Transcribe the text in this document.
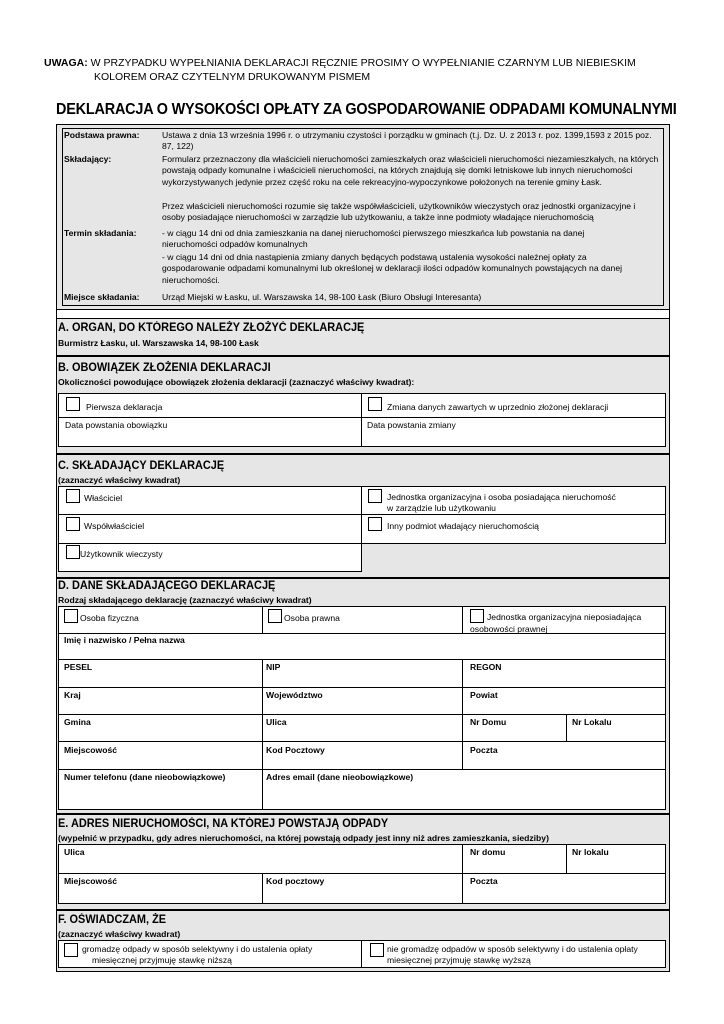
UWAGA: W PRZYPADKU WYPEŁNIANIA DEKLARACJI RĘCZNIE PROSIMY O WYPEŁNIANIE CZARNYM LUB NIEBIESKIM
KOLOREM ORAZ CZYTELNYM DRUKOWANYM PISMEM
DEKLARACJA O WYSOKOŚCI OPŁATY ZA GOSPODAROWANIE ODPADAMI KOMUNALNYMI
Podstawa prawna:	Ustawa z dnia 13 września 1996 r. o utrzymaniu czystości i porządku w gminach (t.j. Dz. U. z 2013 r. poz. 1399,1593 z 2015 poz. 87, 122)
Składający:	Formularz przeznaczony dla właścicieli nieruchomości zamieszkałych oraz właścicieli nieruchomości niezamieszkałych, na których powstają odpady komunalne i właścicieli nieruchomości, na których znajdują się domki letniskowe lub innych nieruchomości wykorzystywanych jedynie przez część roku na cele rekreacyjno-wypoczynkowe położonych na terenie gminy Łask.
Przez właścicieli nieruchomości rozumie się także współwłaścicieli, użytkowników wieczystych oraz jednostki organizacyjne i osoby posiadające nieruchomości w zarządzie lub użytkowaniu, a także inne podmioty władające nieruchomością
Termin składania:	- w ciągu 14 dni od dnia zamieszkania na danej nieruchomości pierwszego mieszkańca lub powstania na danej nieruchomości odpadów komunalnych
- w ciągu 14 dni od dnia nastąpienia zmiany danych będących podstawą ustalenia wysokości należnej opłaty za gospodarowanie odpadami komunalnymi lub określonej w deklaracji ilości odpadów komunalnych powstających na danej nieruchomości.
Miejsce składania:	Urząd Miejski w Łasku, ul. Warszawska 14, 98-100 Łask (Biuro Obsługi Interesanta)
A. ORGAN, DO KTÓREGO NALEŻY ZŁOŻYĆ DEKLARACJĘ
Burmistrz Łasku, ul. Warszawska 14, 98-100 Łask
B. OBOWIĄZEK ZŁOŻENIA DEKLARACJI
Okoliczności powodujące obowiązek złożenia deklaracji (zaznaczyć właściwy kwadrat):
Pierwsza deklaracja	Zmiana danych zawartych w uprzednio złożonej deklaracji
Data powstania obowiązku	Data powstania zmiany
C. SKŁADAJĄCY DEKLARACJĘ
(zaznaczyć właściwy kwadrat)
Właściciel	Jednostka organizacyjna i osoba posiadająca nieruchomość
w zarządzie lub użytkowaniu
Współwłaściciel	Inny podmiot władający nieruchomością
Użytkownik wieczysty
D. DANE SKŁADAJĄCEGO DEKLARACJĘ
Rodzaj składającego deklarację (zaznaczyć właściwy kwadrat)
Osoba fizyczna	Osoba prawna	Jednostka organizacyjna nieposiadająca
osobowości prawnej
Imię i nazwisko / Pełna nazwa
PESEL	NIP	REGON
Kraj	Województwo	Powiat
Gmina	Ulica	Nr Domu	Nr Lokalu
Miejscowość	Kod Pocztowy	Poczta
Numer telefonu (dane nieobowiązkowe)	Adres email (dane nieobowiązkowe)
E. ADRES NIERUCHOMOŚCI, NA KTÓREJ POWSTAJĄ ODPADY
(wypełnić w przypadku, gdy adres nieruchomości, na której powstają odpady jest inny niż adres zamieszkania, siedziby)
Ulica	Nr domu	Nr lokalu
Miejscowość	Kod pocztowy	Poczta
F. OŚWIADCZAM, ŻE
(zaznaczyć właściwy kwadrat)
gromadzę odpady w sposób selektywny i do ustalenia opłaty
miesięcznej przyjmuję stawkę niższą
nie gromadzę odpadów w sposób selektywny i do ustalenia opłaty
miesięcznej przyjmuję stawkę wyższą
